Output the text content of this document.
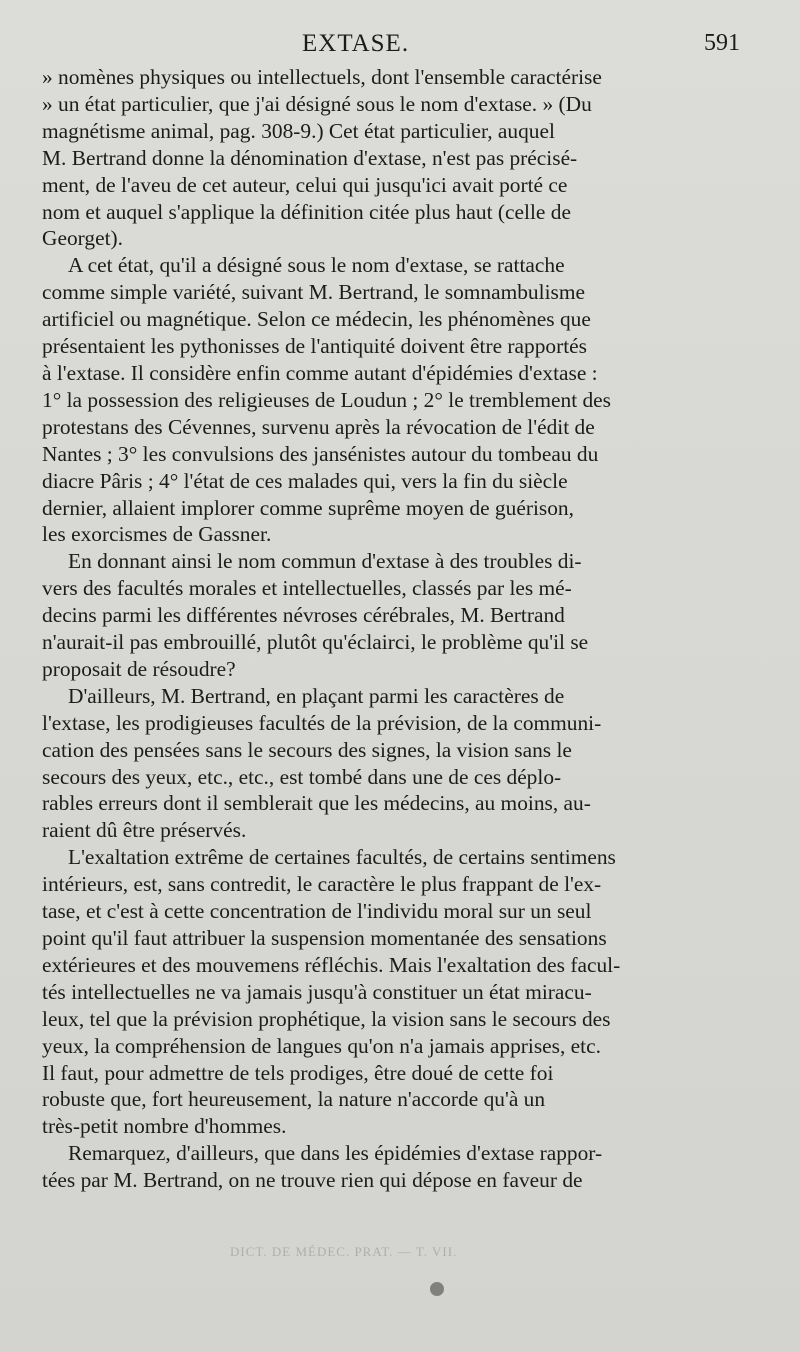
EXTASE.	591

» nomènes physiques ou intellectuels, dont l'ensemble caractérise

» un état particulier, que j'ai désigné sous le nom d'extase. » (Du

magnétisme animal, pag. 308-9.) Cet état particulier, auquel

M. Bertrand donne la dénomination d'extase, n'est pas précisé-

ment, de l'aveu de cet auteur, celui qui jusqu'ici avait porté ce

nom et auquel s'applique la définition citée plus haut (celle de

Georget).

A cet état, qu'il a désigné sous le nom d'extase, se rattache

comme simple variété, suivant M. Bertrand, le somnambulisme

artificiel ou magnétique. Selon ce médecin, les phénomènes que

présentaient les pythonisses de l'antiquité doivent être rapportés

à l'extase. Il considère enfin comme autant d'épidémies d'extase :

1° la possession des religieuses de Loudun ; 2° le tremblement des

protestans des Cévennes, survenu après la révocation de l'édit de

Nantes ; 3° les convulsions des jansénistes autour du tombeau du

diacre Pâris ; 4° l'état de ces malades qui, vers la fin du siècle

dernier, allaient implorer comme suprême moyen de guérison,

les exorcismes de Gassner.

En donnant ainsi le nom commun d'extase à des troubles di-

vers des facultés morales et intellectuelles, classés par les mé-

decins parmi les différentes névroses cérébrales, M. Bertrand

n'aurait-il pas embrouillé, plutôt qu'éclairci, le problème qu'il se

proposait de résoudre?

D'ailleurs, M. Bertrand, en plaçant parmi les caractères de

l'extase, les prodigieuses facultés de la prévision, de la communi-

cation des pensées sans le secours des signes, la vision sans le

secours des yeux, etc., etc., est tombé dans une de ces déplo-

rables erreurs dont il semblerait que les médecins, au moins, au-

raient dû être préservés.

L'exaltation extrême de certaines facultés, de certains sentimens

intérieurs, est, sans contredit, le caractère le plus frappant de l'ex-

tase, et c'est à cette concentration de l'individu moral sur un seul

point qu'il faut attribuer la suspension momentanée des sensations

extérieures et des mouvemens réfléchis. Mais l'exaltation des facul-

tés intellectuelles ne va jamais jusqu'à constituer un état miracu-

leux, tel que la prévision prophétique, la vision sans le secours des

yeux, la compréhension de langues qu'on n'a jamais apprises, etc.

Il faut, pour admettre de tels prodiges, être doué de cette foi

robuste que, fort heureusement, la nature n'accorde qu'à un

très-petit nombre d'hommes.

Remarquez, d'ailleurs, que dans les épidémies d'extase rappor-

tées par M. Bertrand, on ne trouve rien qui dépose en faveur de

DICT. DE MÉDEC. PRAT. — T. VII.
